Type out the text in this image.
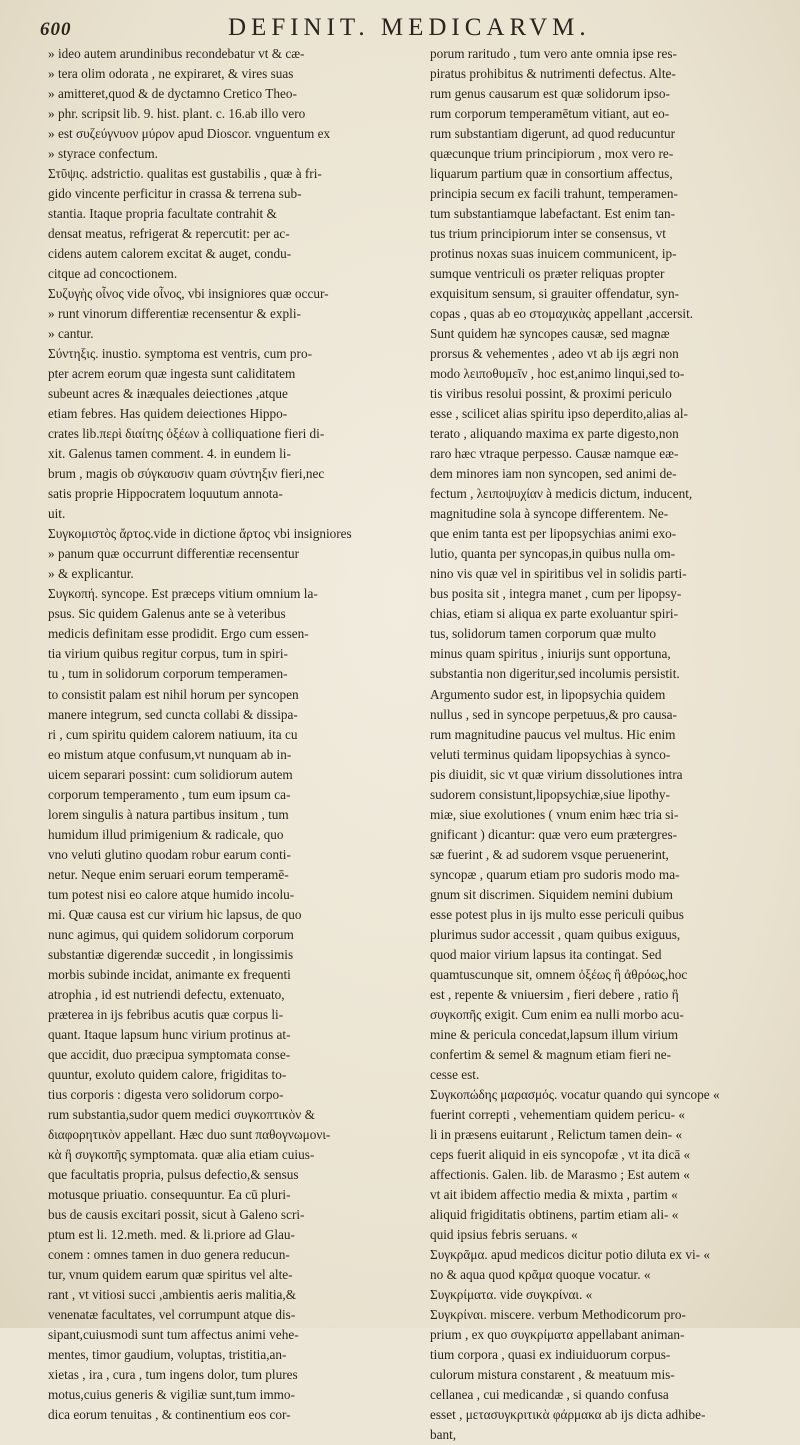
600	DEFINIT. MEDICARVM.

» ideo autem arundinibus recondebatur vt & cæ-

» tera olim odorata , ne expiraret, & vires suas

» amitteret,quod & de dyctamno Cretico Theo-

» phr. scripsit lib. 9. hist. plant. c. 16.ab illo vero

» est συζεύγνυον μύρον apud Dioscor. vnguentum ex

» styrace confectum.

Στῦψις. adstrictio. qualitas est gustabilis , quæ à fri-

gido vincente perficitur in crassa & terrena sub-

stantia. Itaque propria facultate contrahit &

densat meatus, refrigerat & repercutit: per ac-

cidens autem calorem excitat & auget, condu-

citque ad concoctionem.

Συζυγὴς οἶνος vide οἶνος, vbi insigniores quæ occur-

» runt vinorum differentiæ recensentur & expli-

» cantur.

Σύντηξις. inustio. symptoma est ventris, cum pro-

pter acrem eorum quæ ingesta sunt caliditatem

subeunt acres & inæquales deiectiones ,atque

etiam febres. Has quidem deiectiones Hippo-

crates lib.περὶ διαίτης ὀξέων à colliquatione fieri di-

xit. Galenus tamen comment. 4. in eundem li-

brum , magis ob σύγκαυσιν quam σύντηξιν fieri,nec

satis proprie Hippocratem loquutum annota-

uit.

Συγκομιστὸς ἄρτος.vide in dictione ἄρτος vbi insigniores

» panum quæ occurrunt differentiæ recensentur

» & explicantur.

Συγκοπή. syncope. Est præceps vitium omnium la-

psus. Sic quidem Galenus ante se à veteribus

medicis definitam esse prodidit. Ergo cum essen-

tia virium quibus regitur corpus, tum in spiri-

tu , tum in solidorum corporum temperamen-

to consistit palam est nihil horum per syncopen

manere integrum, sed cuncta collabi & dissipa-

ri , cum spiritu quidem calorem natiuum, ita cu

eo mistum atque confusum,vt nunquam ab in-

uicem separari possint: cum solidiorum autem

corporum temperamento , tum eum ipsum ca-

lorem singulis à natura partibus insitum , tum

humidum illud primigenium & radicale, quo

vno veluti glutino quodam robur earum conti-

netur. Neque enim seruari eorum temperamē-

tum potest nisi eo calore atque humido incolu-

mi. Quæ causa est cur virium hic lapsus, de quo

nunc agimus, qui quidem solidorum corporum

substantiæ digerendæ succedit , in longissimis

morbis subinde incidat, animante ex frequenti

atrophia , id est nutriendi defectu, extenuato,

præterea in ijs febribus acutis quæ corpus li-

quant. Itaque lapsum hunc virium protinus at-

que accidit, duo præcipua symptomata conse-

quuntur, exoluto quidem calore, frigiditas to-

tius corporis : digesta vero solidorum corpo-

rum substantia,sudor quem medici συγκοπτικὸν &

διαφορητικὸν appellant. Hæc duo sunt παθογνωμονι-

κὰ ἢ συγκοπῆς symptomata. quæ alia etiam cuius-

que facultatis propria, pulsus defectio,& sensus

motusque priuatio. consequuntur. Ea cū pluri-

bus de causis excitari possit, sicut à Galeno scri-

ptum est li. 12.meth. med. & li.priore ad Glau-

conem : omnes tamen in duo genera reducun-

tur, vnum quidem earum quæ spiritus vel alte-

rant , vt vitiosi succi ,ambientis aeris malitia,&

venenatæ facultates, vel corrumpunt atque dis-

sipant,cuiusmodi sunt tum affectus animi vehe-

mentes, timor gaudium, voluptas, tristitia,an-

xietas , ira , cura , tum ingens dolor, tum plures

motus,cuius generis & vigiliæ sunt,tum immo-

dica eorum tenuitas , & continentium eos cor-

porum raritudo , tum vero ante omnia ipse res-

piratus prohibitus & nutrimenti defectus. Alte-

rum genus causarum est quæ solidorum ipso-

rum corporum temperamētum vitiant, aut eo-

rum substantiam digerunt, ad quod reducuntur

quæcunque trium principiorum , mox vero re-

liquarum partium quæ in consortium affectus,

principia secum ex facili trahunt, temperamen-

tum substantiamque labefactant. Est enim tan-

tus trium principiorum inter se consensus, vt

protinus noxas suas inuicem communicent, ip-

sumque ventriculi os præter reliquas propter

exquisitum sensum, si grauiter offendatur, syn-

copas , quas ab eo στομαχικὰς appellant ,accersit.

Sunt quidem hæ syncopes causæ, sed magnæ

prorsus & vehementes , adeo vt ab ijs ægri non

modo λειποθυμεῖν , hoc est,animo linqui,sed to-

tis viribus resolui possint, & proximi periculo

esse , scilicet alias spiritu ipso deperdito,alias al-

terato , aliquando maxima ex parte digesto,non

raro hæc vtraque perpesso. Causæ namque eæ-

dem minores iam non syncopen, sed animi de-

fectum , λειποψυχίαν à medicis dictum, inducent,

magnitudine sola à syncope differentem. Ne-

que enim tanta est per lipopsychias animi exo-

lutio, quanta per syncopas,in quibus nulla om-

nino vis quæ vel in spiritibus vel in solidis parti-

bus posita sit , integra manet , cum per lipopsy-

chias, etiam si aliqua ex parte exoluantur spiri-

tus, solidorum tamen corporum quæ multo

minus quam spiritus , iniurijs sunt opportuna,

substantia non digeritur,sed incolumis persistit.

Argumento sudor est, in lipopsychia quidem

nullus , sed in syncope perpetuus,& pro causa-

rum magnitudine paucus vel multus. Hic enim

veluti terminus quidam lipopsychias à synco-

pis diuidit, sic vt quæ virium dissolutiones intra

sudorem consistunt,lipopsychiæ,siue lipothy-

miæ, siue exolutiones ( vnum enim hæc tria si-

gnificant ) dicantur: quæ vero eum prætergres-

sæ fuerint , & ad sudorem vsque peruenerint,

syncopæ , quarum etiam pro sudoris modo ma-

gnum sit discrimen. Siquidem nemini dubium

esse potest plus in ijs multo esse periculi quibus

plurimus sudor accessit , quam quibus exiguus,

quod maior virium lapsus ita contingat. Sed

quamtuscunque sit, omnem ὀξέως ἢ ἀθρόως,hoc

est , repente & vniuersim , fieri debere , ratio ἢ

συγκοπῆς exigit. Cum enim ea nulli morbo acu-

mine & pericula concedat,lapsum illum virium

confertim & semel & magnum etiam fieri ne-

cesse est.

Συγκοπώδης μαρασμός. vocatur quando qui syncope «

fuerint correpti , vehementiam quidem pericu- «

li in præsens euitarunt , Relictum tamen dein- «

ceps fuerit aliquid in eis syncopofæ , vt ita dicā «

affectionis. Galen. lib. de Marasmo ; Est autem «

vt ait ibidem affectio media & mixta , partim «

aliquid frigiditatis obtinens, partim etiam ali- «

quid ipsius febris seruans. «

Συγκρᾶμα. apud medicos dicitur potio diluta ex vi- «

no & aqua quod κρᾶμα quoque vocatur. «

Συγκρίματα. vide συγκρίναι. «

Συγκρίναι. miscere. verbum Methodicorum pro-

prium , ex quo συγκρίματα appellabant animan-

tium corpora , quasi ex indiuiduorum corpus-

culorum mistura constarent , & meatuum mis-

cellanea , cui medicandæ , si quando confusa

esset , μετασυγκριτικὰ φάρμακα ab ijs dicta adhibe-

bant,
